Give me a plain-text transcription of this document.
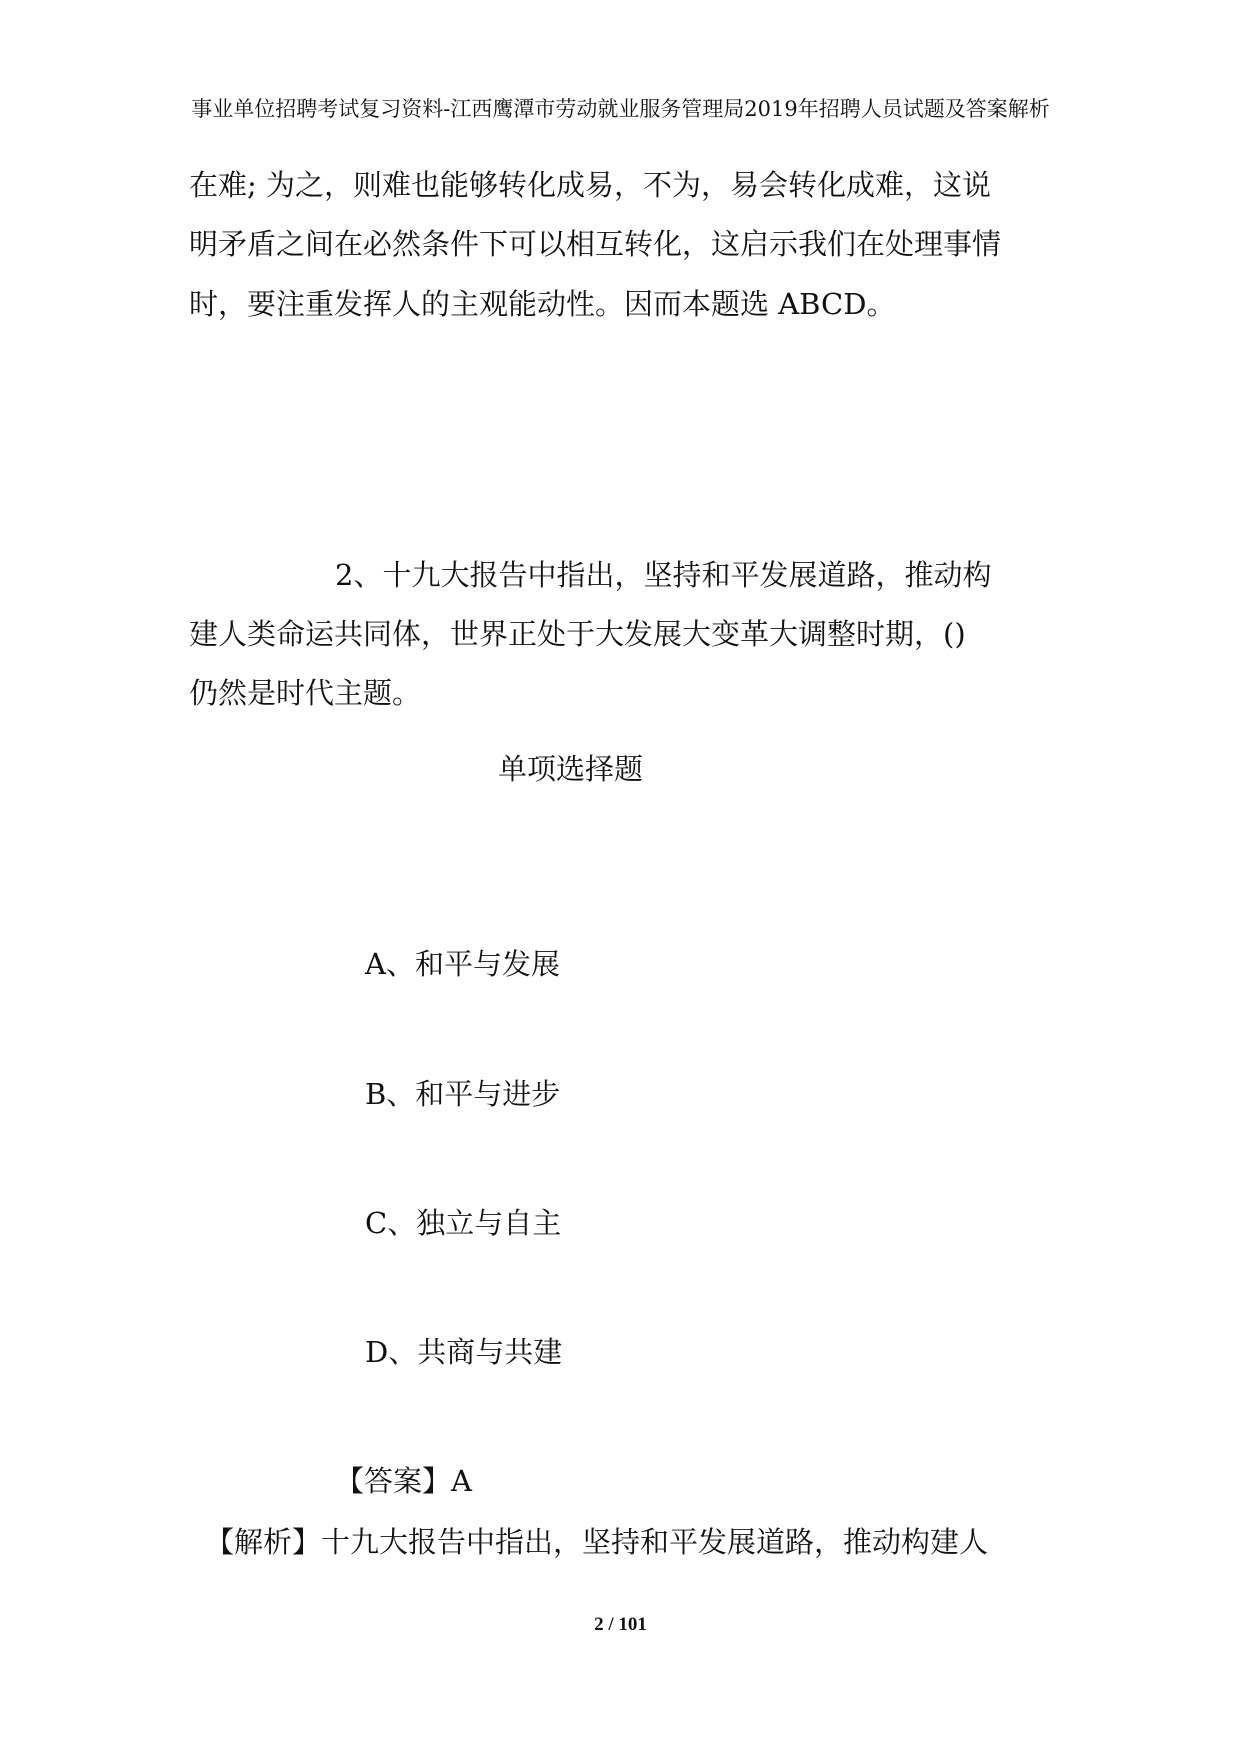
事业单位招聘考试复习资料-江西鹰潭市劳动就业服务管理局2019年招聘人员试题及答案解析
在难; 为之，则难也能够转化成易，不为，易会转化成难，这说
明矛盾之间在必然条件下可以相互转化，这启示我们在处理事情
时，要注重发挥人的主观能动性。因而本题选 ABCD。
2、十九大报告中指出，坚持和平发展道路，推动构
建人类命运共同体，世界正处于大发展大变革大调整时期，()
仍然是时代主题。
单项选择题
A、和平与发展
B、和平与进步
C、独立与自主
D、共商与共建
【答案】A
【解析】十九大报告中指出，坚持和平发展道路，推动构建人
2 / 101
